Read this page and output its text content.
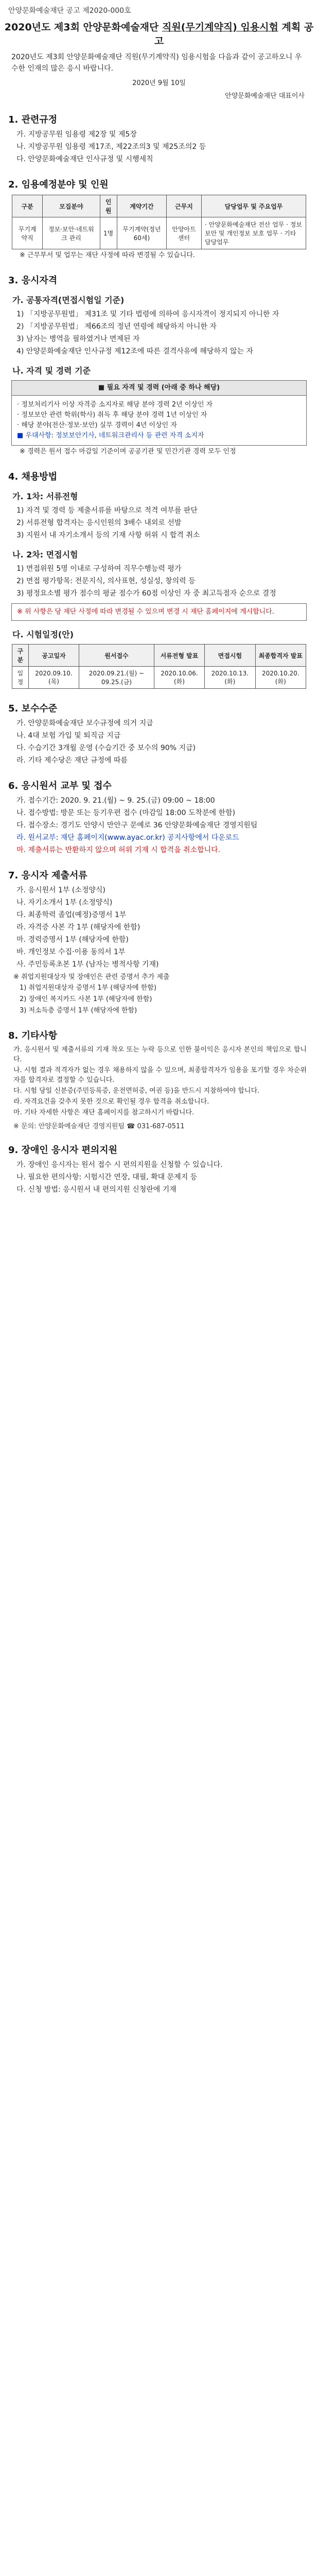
안양문화예술재단 공고 제2020-000호
2020년도 제3회 안양문화예술재단 직원(무기계약직) 임용시험 계획 공고
2020년도 제3회 안양문화예술재단 직원(무기계약직) 임용시험을 다음과 같이 공고하오니 우수한 인재의 많은 응시 바랍니다.
2020년 9월 10일
안양문화예술재단 대표이사
1. 관련규정
가. 지방공무원 임용령 제2장 및 제5장
나. 지방공무원 임용령 제17조, 제22조의3 및 제25조의2 등
다. 안양문화예술재단 인사규정 및 시행세칙
2. 임용예정분야 및 인원
구분	모집분야	인원	계약기간	근무지	담당업무 및 주요업무
무기계약직	정보·보안·네트워크 관리	1명	무기계약(정년60세)	안양아트센터	· 안양문화예술재단 전산 업무 · 정보보안 및 개인정보 보호 업무 · 기타 담당업무
※ 근무부서 및 업무는 재단 사정에 따라 변경될 수 있습니다.
3. 응시자격
가. 공통자격(면접시험일 기준)
1) 「지방공무원법」 제31조 및 기타 법령에 의하여 응시자격이 정지되지 아니한 자
2) 「지방공무원법」 제66조의 정년 연령에 해당하지 아니한 자
3) 남자는 병역을 필하였거나 면제된 자
4) 안양문화예술재단 인사규정 제12조에 따른 결격사유에 해당하지 않는 자
나. 자격 및 경력 기준
■ 필요 자격 및 경력 (아래 중 하나 해당)
· 정보처리기사 이상 자격증 소지자로 해당 분야 경력 2년 이상인 자
· 정보보안 관련 학위(학사) 취득 후 해당 분야 경력 1년 이상인 자
· 해당 분야(전산·정보·보안) 실무 경력이 4년 이상인 자
■ 우대사항: 정보보안기사, 네트워크관리사 등 관련 자격 소지자
※ 경력은 원서 접수 마감일 기준이며 공공기관 및 민간기관 경력 모두 인정
4. 채용방법
가. 1차: 서류전형
1) 자격 및 경력 등 제출서류를 바탕으로 적격 여부를 판단
2) 서류전형 합격자는 응시인원의 3배수 내외로 선발
3) 지원서 내 자기소개서 등의 기재 사항 허위 시 합격 취소
나. 2차: 면접시험
1) 면접위원 5명 이내로 구성하여 직무수행능력 평가
2) 면접 평가항목: 전문지식, 의사표현, 성실성, 창의력 등
3) 평정요소별 평가 점수의 평균 점수가 60점 이상인 자 중 최고득점자 순으로 결정
※ 위 사항은 당 재단 사정에 따라 변경될 수 있으며 변경 시 재단 홈페이지에 게시합니다.
다. 시험일정(안)
구분	공고일자	원서접수	서류전형 발표	면접시험	최종합격자 발표
일정	2020.09.10.(목)	2020.09.21.(월) ~ 09.25.(금)	2020.10.06.(화)	2020.10.13.(화)	2020.10.20.(화)
5. 보수수준
가. 안양문화예술재단 보수규정에 의거 지급
나. 4대 보험 가입 및 퇴직금 지급
다. 수습기간 3개월 운영 (수습기간 중 보수의 90% 지급)
라. 기타 제수당은 재단 규정에 따름
6. 응시원서 교부 및 접수
가. 접수기간: 2020. 9. 21.(월) ~ 9. 25.(금) 09:00 ~ 18:00
나. 접수방법: 방문 또는 등기우편 접수 (마감일 18:00 도착분에 한함)
다. 접수장소: 경기도 안양시 만안구 문예로 36 안양문화예술재단 경영지원팀
라. 원서교부: 재단 홈페이지(www.ayac.or.kr) 공지사항에서 다운로드
마. 제출서류는 반환하지 않으며 허위 기재 시 합격을 취소합니다.
7. 응시자 제출서류
가. 응시원서 1부 (소정양식)
나. 자기소개서 1부 (소정양식)
다. 최종학력 졸업(예정)증명서 1부
라. 자격증 사본 각 1부 (해당자에 한함)
마. 경력증명서 1부 (해당자에 한함)
바. 개인정보 수집·이용 동의서 1부
사. 주민등록초본 1부 (남자는 병적사항 기재)
※ 취업지원대상자 및 장애인은 관련 증명서 추가 제출
1) 취업지원대상자 증명서 1부 (해당자에 한함)
2) 장애인 복지카드 사본 1부 (해당자에 한함)
3) 저소득층 증명서 1부 (해당자에 한함)
8. 기타사항
가. 응시원서 및 제출서류의 기재 착오 또는 누락 등으로 인한 불이익은 응시자 본인의 책임으로 합니다.
나. 시험 결과 적격자가 없는 경우 채용하지 않을 수 있으며, 최종합격자가 임용을 포기할 경우 차순위자를 합격자로 결정할 수 있습니다.
다. 시험 당일 신분증(주민등록증, 운전면허증, 여권 등)을 반드시 지참하여야 합니다.
라. 자격요건을 갖추지 못한 것으로 확인될 경우 합격을 취소합니다.
마. 기타 자세한 사항은 재단 홈페이지를 참고하시기 바랍니다.
※ 문의: 안양문화예술재단 경영지원팀 ☎ 031-687-0511
9. 장애인 응시자 편의지원
가. 장애인 응시자는 원서 접수 시 편의지원을 신청할 수 있습니다.
나. 필요한 편의사항: 시험시간 연장, 대필, 확대 문제지 등
다. 신청 방법: 응시원서 내 편의지원 신청란에 기재
